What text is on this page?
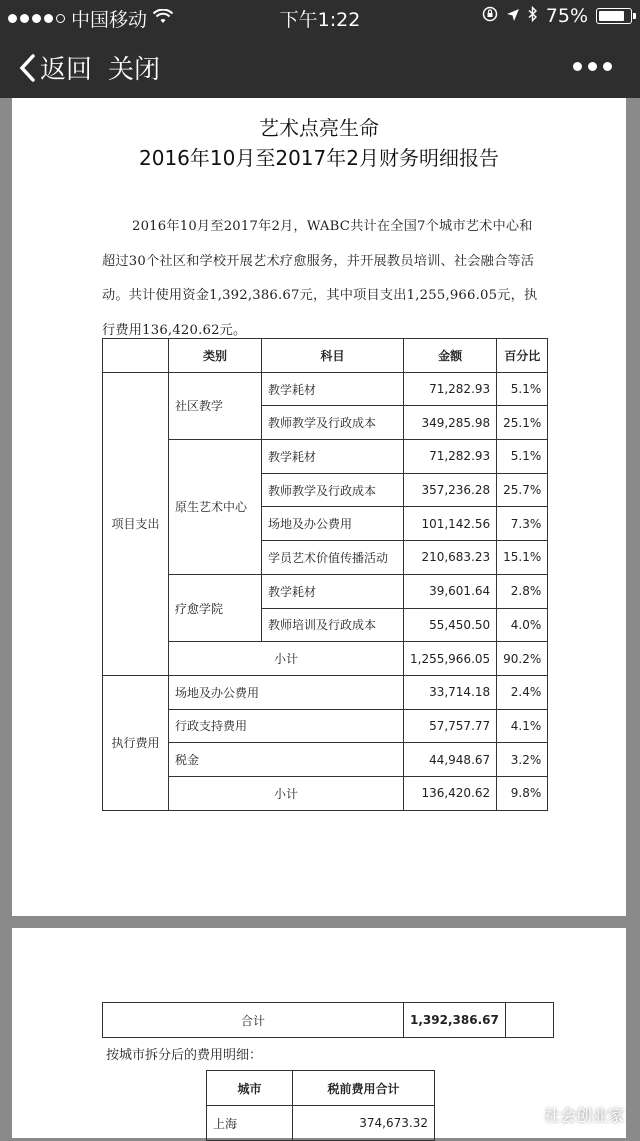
中国移动	下午1:22	75%
返回 关闭
艺术点亮生命
2016年10月至2017年2月财务明细报告
2016年10月至2017年2月，WABC共计在全国7个城市艺术中心和超过30个社区和学校开展艺术疗愈服务，并开展教员培训、社会融合等活动。共计使用资金1,392,386.67元，其中项目支出1,255,966.05元，执行费用136,420.62元。
	类别	科目	金额	百分比
项目支出	社区教学	教学耗材	71,282.93	5.1%
		教师教学及行政成本	349,285.98	25.1%
	原生艺术中心	教学耗材	71,282.93	5.1%
		教师教学及行政成本	357,236.28	25.7%
		场地及办公费用	101,142.56	7.3%
		学员艺术价值传播活动	210,683.23	15.1%
	疗愈学院	教学耗材	39,601.64	2.8%
		教师培训及行政成本	55,450.50	4.0%
	小计		1,255,966.05	90.2%
执行费用	场地及办公费用		33,714.18	2.4%
	行政支持费用		57,757.77	4.1%
	税金		44,948.67	3.2%
	小计		136,420.62	9.8%
合计	1,392,386.67	
按城市拆分后的费用明细：
城市	税前费用合计
上海	374,673.32	社会创业家
